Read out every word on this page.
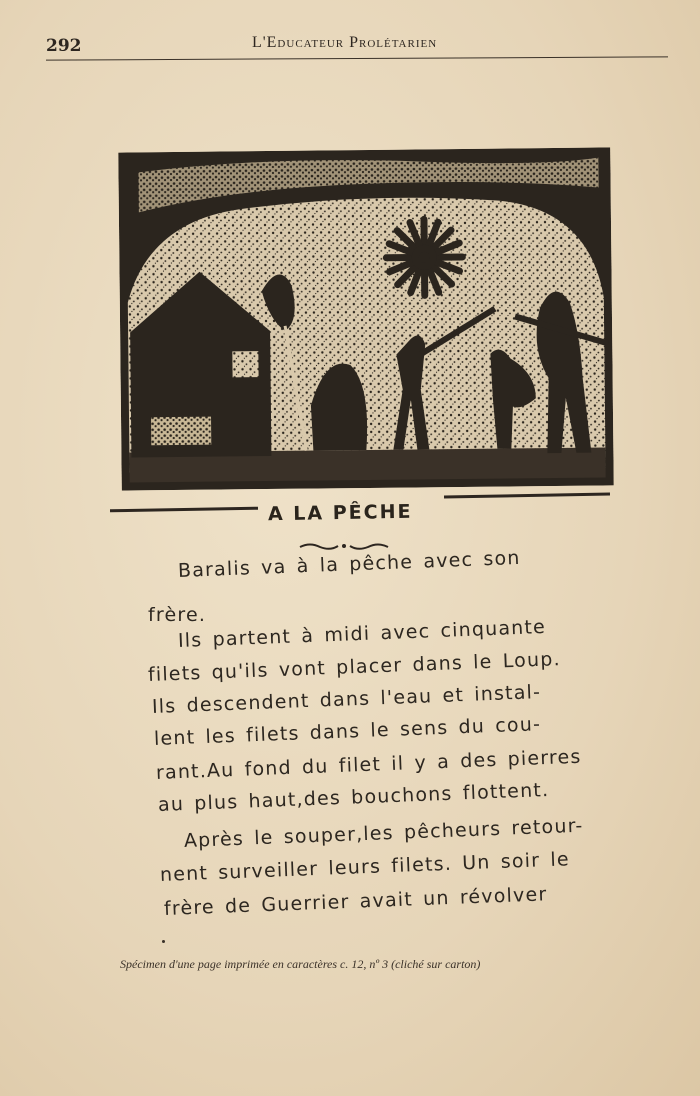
292	L'Educateur Prolétarien
A LA PÊCHE
Baralis va à la pêche avec son
frère.
Ils partent à midi avec cinquante
filets qu'ils vont placer dans le Loup.
Ils descendent dans l'eau et instal-
lent les filets dans le sens du cou-
rant.Au fond du filet il y a des pierres
au plus haut,des bouchons flottent.
Après le souper,les pêcheurs retour-
nent surveiller leurs filets. Un soir le
frère de Guerrier avait un révolver
Spécimen d'une page imprimée en caractères c. 12, nº 3 (cliché sur carton)
